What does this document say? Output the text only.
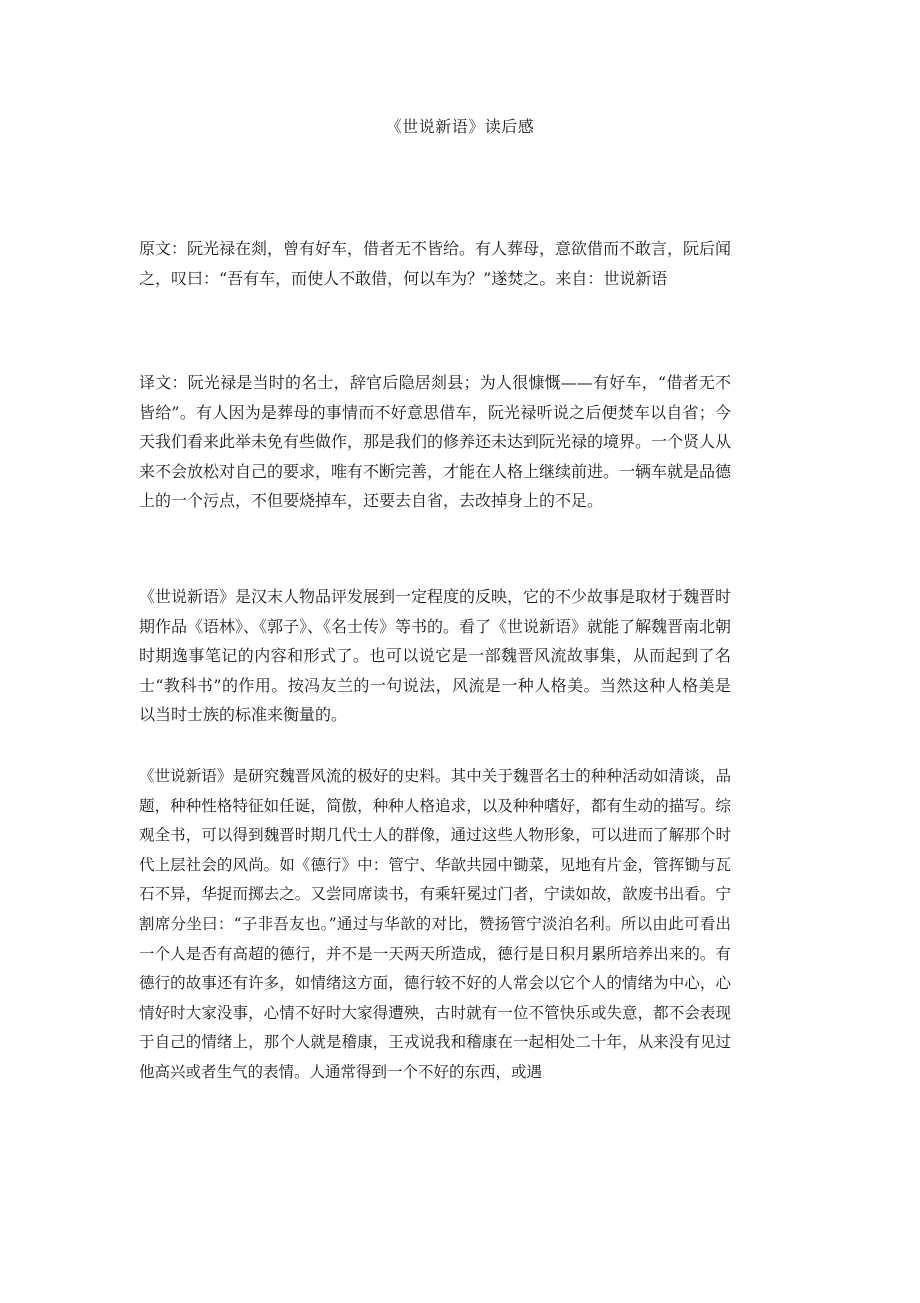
《世说新语》读后感

原文：阮光禄在剡，曾有好车，借者无不皆给。有人葬母，意欲借而不敢言，阮后闻之，叹曰：“吾有车，而使人不敢借，何以车为？”遂焚之。来自：世说新语

译文：阮光禄是当时的名士，辞官后隐居剡县；为人很慷慨——有好车，“借者无不皆给”。有人因为是葬母的事情而不好意思借车，阮光禄听说之后便焚车以自省；今天我们看来此举未免有些做作，那是我们的修养还未达到阮光禄的境界。一个贤人从来不会放松对自己的要求，唯有不断完善，才能在人格上继续前进。一辆车就是品德上的一个污点，不但要烧掉车，还要去自省，去改掉身上的不足。

《世说新语》是汉末人物品评发展到一定程度的反映，它的不少故事是取材于魏晋时期作品《语林》、《郭子》、《名士传》等书的。看了《世说新语》就能了解魏晋南北朝时期逸事笔记的内容和形式了。也可以说它是一部魏晋风流故事集，从而起到了名士“教科书”的作用。按冯友兰的一句说法，风流是一种人格美。当然这种人格美是以当时士族的标准来衡量的。

《世说新语》是研究魏晋风流的极好的史料。其中关于魏晋名士的种种活动如清谈，品题，种种性格特征如任诞，简傲，种种人格追求，以及种种嗜好，都有生动的描写。综观全书，可以得到魏晋时期几代士人的群像，通过这些人物形象，可以进而了解那个时代上层社会的风尚。如《德行》中：管宁、华歆共园中锄菜，见地有片金，管挥锄与瓦石不异，华捉而掷去之。又尝同席读书，有乘轩冕过门者，宁读如故，歆废书出看。宁割席分坐曰：“子非吾友也。”通过与华歆的对比，赞扬管宁淡泊名利。所以由此可看出一个人是否有高超的德行，并不是一天两天所造成，德行是日积月累所培养出来的。有德行的故事还有许多，如情绪这方面，德行较不好的人常会以它个人的情绪为中心，心情好时大家没事，心情不好时大家得遭殃，古时就有一位不管快乐或失意，都不会表现于自己的情绪上，那个人就是稽康，王戎说我和稽康在一起相处二十年，从来没有见过他高兴或者生气的表情。人通常得到一个不好的东西，或遇
